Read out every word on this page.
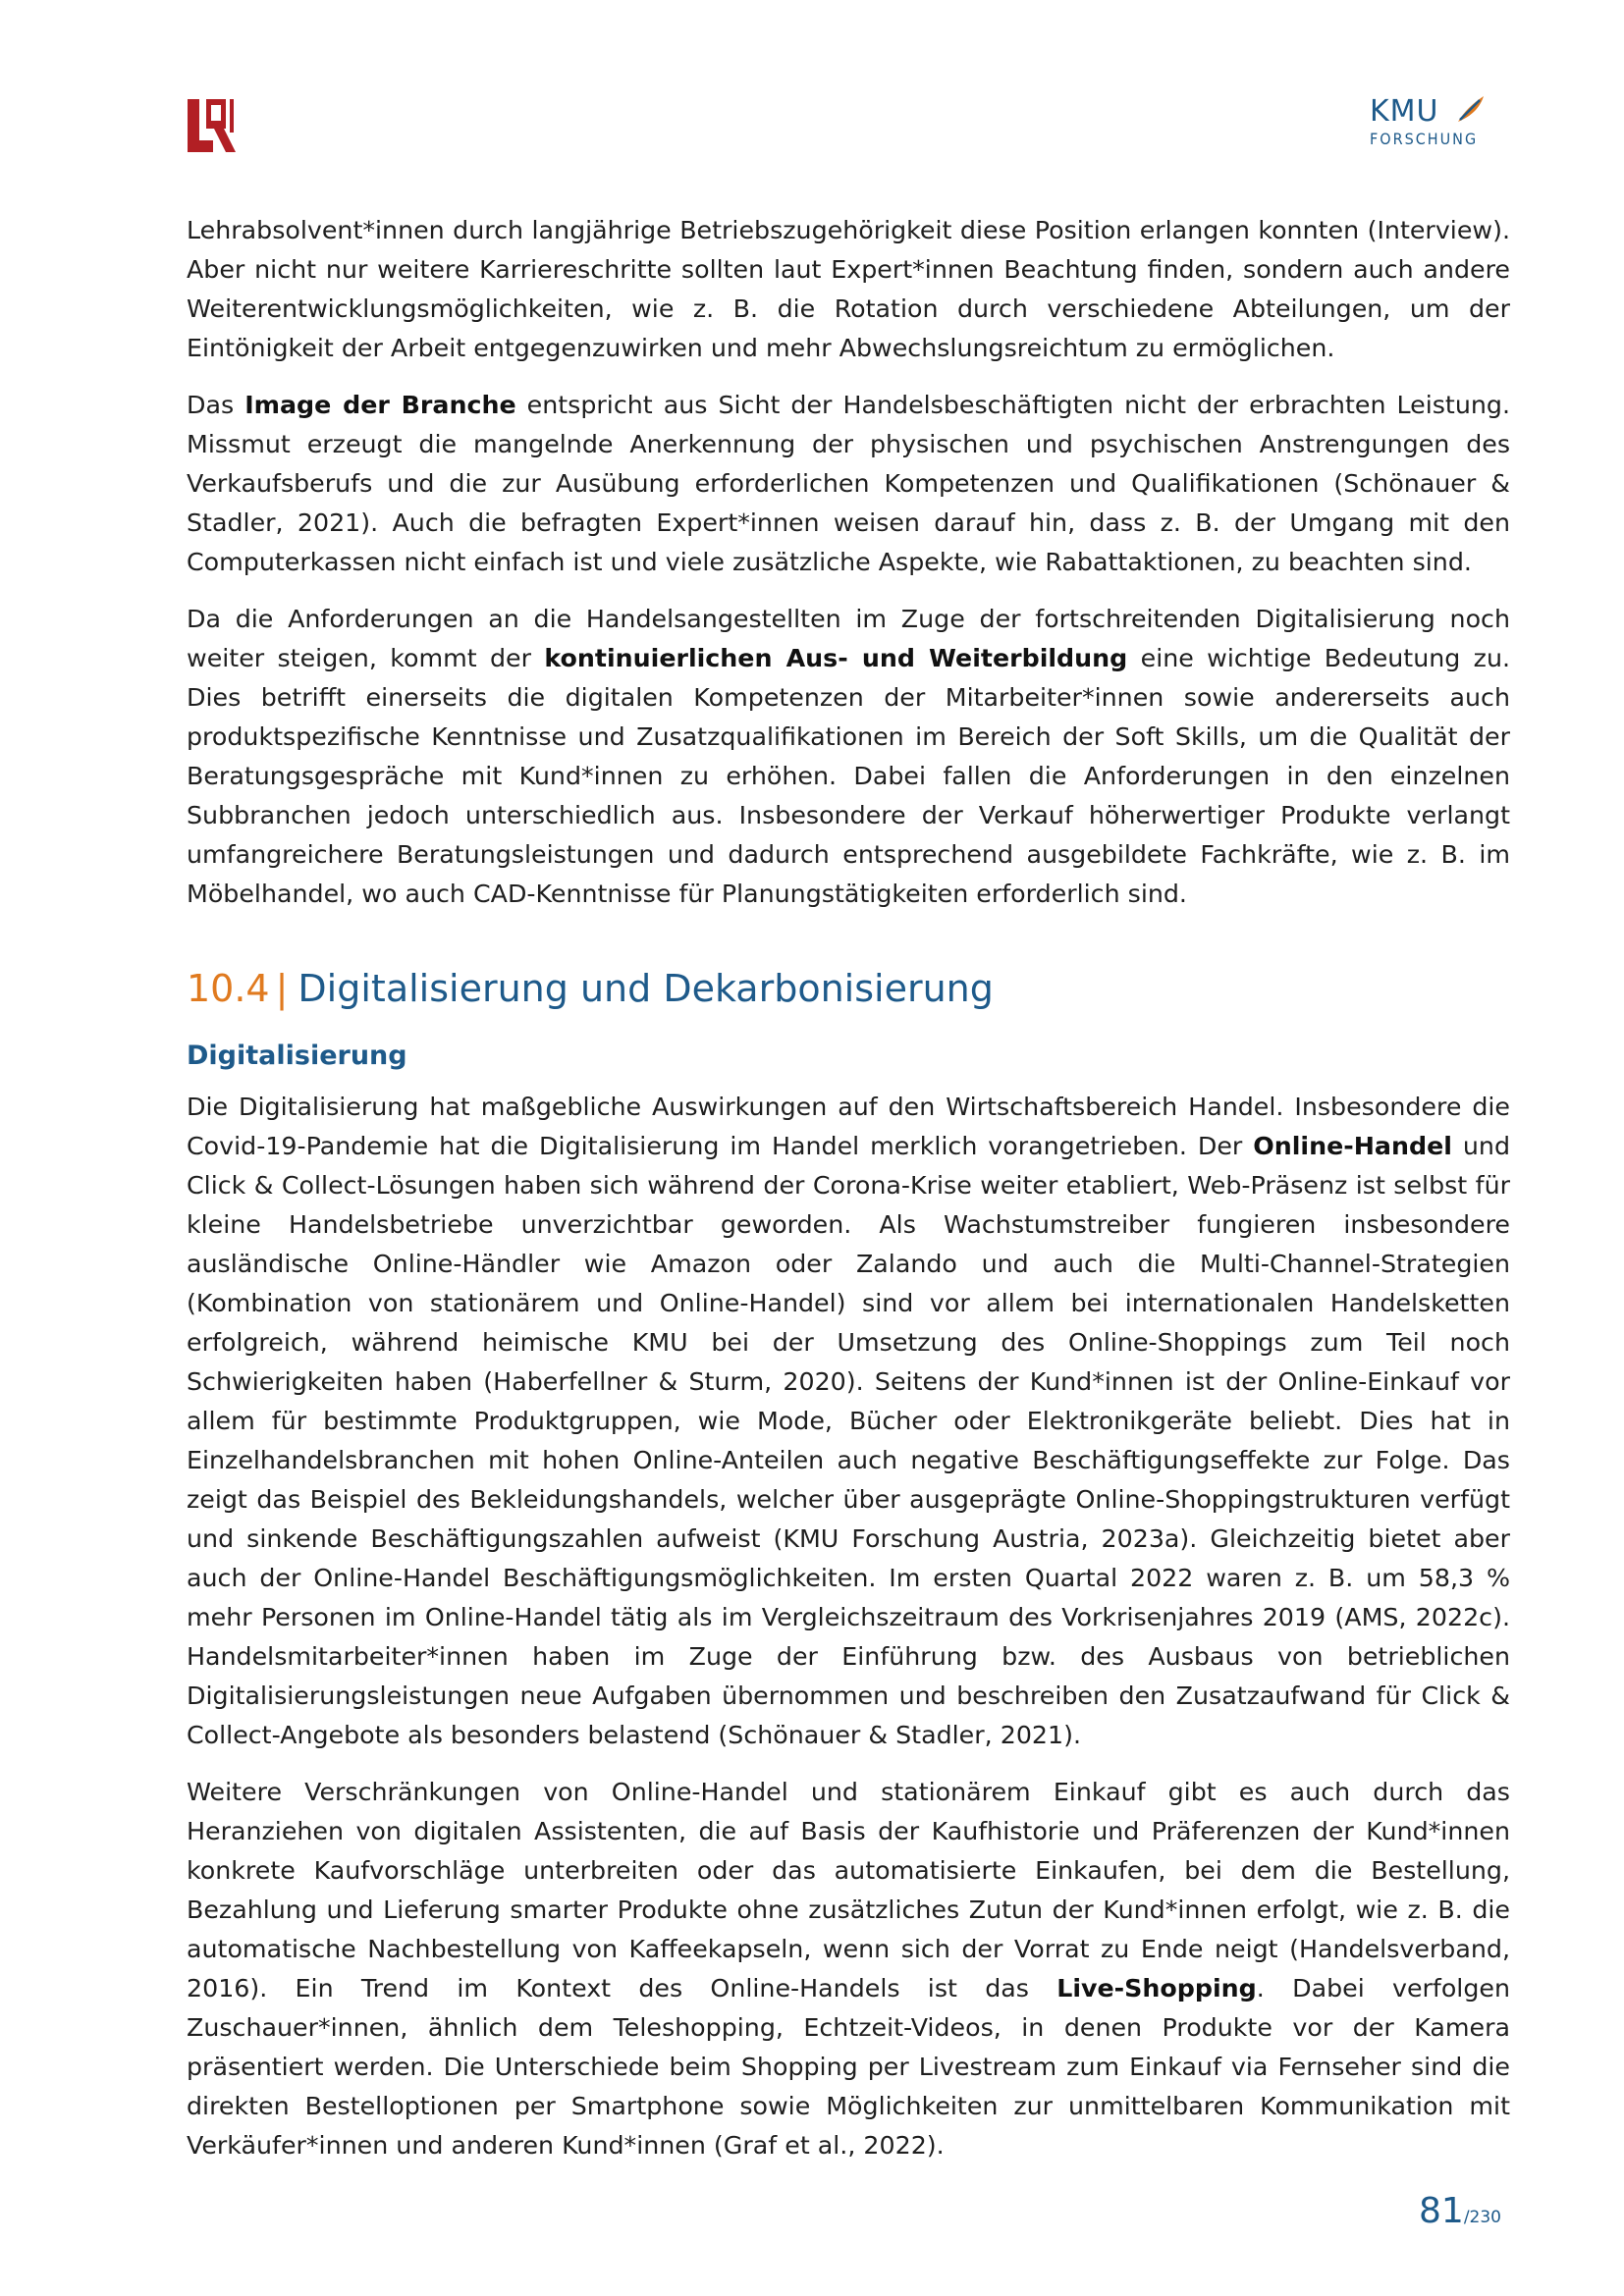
KMU
FORSCHUNG

Lehrabsolvent*innen durch langjährige Betriebszugehörigkeit diese Position erlangen konnten (Interview). Aber nicht nur weitere Karriereschritte sollten laut Expert*innen Beachtung finden, sondern auch andere Weiterentwicklungsmöglichkeiten, wie z. B. die Rotation durch verschiedene Abteilungen, um der Eintönigkeit der Arbeit entgegenzuwirken und mehr Abwechslungsreichtum zu ermöglichen.

Das Image der Branche entspricht aus Sicht der Handelsbeschäftigten nicht der erbrachten Leistung. Missmut erzeugt die mangelnde Anerkennung der physischen und psychischen Anstrengungen des Verkaufsberufs und die zur Ausübung erforderlichen Kompetenzen und Qualifikationen (Schönauer & Stadler, 2021). Auch die befragten Expert*innen weisen darauf hin, dass z. B. der Umgang mit den Computerkassen nicht einfach ist und viele zusätzliche Aspekte, wie Rabattaktionen, zu beachten sind.

Da die Anforderungen an die Handelsangestellten im Zuge der fortschreitenden Digitalisierung noch weiter steigen, kommt der kontinuierlichen Aus- und Weiterbildung eine wichtige Bedeutung zu. Dies betrifft einerseits die digitalen Kompetenzen der Mitarbeiter*innen sowie andererseits auch produktspezifische Kenntnisse und Zusatzqualifikationen im Bereich der Soft Skills, um die Qualität der Beratungsgespräche mit Kund*innen zu erhöhen. Dabei fallen die Anforderungen in den einzelnen Subbranchen jedoch unterschiedlich aus. Insbesondere der Verkauf höherwertiger Produkte verlangt umfangreichere Beratungsleistungen und dadurch entsprechend ausgebildete Fachkräfte, wie z. B. im Möbelhandel, wo auch CAD-Kenntnisse für Planungstätigkeiten erforderlich sind.

10.4 | Digitalisierung und Dekarbonisierung
Digitalisierung

Die Digitalisierung hat maßgebliche Auswirkungen auf den Wirtschaftsbereich Handel. Insbesondere die Covid-19-Pandemie hat die Digitalisierung im Handel merklich vorangetrieben. Der Online-Handel und Click & Collect-Lösungen haben sich während der Corona-Krise weiter etabliert, Web-Präsenz ist selbst für kleine Handelsbetriebe unverzichtbar geworden. Als Wachstumstreiber fungieren insbesondere ausländische Online-Händler wie Amazon oder Zalando und auch die Multi-Channel-Strategien (Kombination von stationärem und Online-Handel) sind vor allem bei internationalen Handelsketten erfolgreich, während heimische KMU bei der Umsetzung des Online-Shoppings zum Teil noch Schwierigkeiten haben (Haberfellner & Sturm, 2020). Seitens der Kund*innen ist der Online-Einkauf vor allem für bestimmte Produktgruppen, wie Mode, Bücher oder Elektronikgeräte beliebt. Dies hat in Einzelhandelsbranchen mit hohen Online-Anteilen auch negative Beschäftigungseffekte zur Folge. Das zeigt das Beispiel des Bekleidungshandels, welcher über ausgeprägte Online-Shoppingstrukturen verfügt und sinkende Beschäftigungszahlen aufweist (KMU Forschung Austria, 2023a). Gleichzeitig bietet aber auch der Online-Handel Beschäftigungsmöglichkeiten. Im ersten Quartal 2022 waren z. B. um 58,3 % mehr Personen im Online-Handel tätig als im Vergleichszeitraum des Vorkrisenjahres 2019 (AMS, 2022c). Handelsmitarbeiter*innen haben im Zuge der Einführung bzw. des Ausbaus von betrieblichen Digitalisierungsleistungen neue Aufgaben übernommen und beschreiben den Zusatzaufwand für Click & Collect-Angebote als besonders belastend (Schönauer & Stadler, 2021).

Weitere Verschränkungen von Online-Handel und stationärem Einkauf gibt es auch durch das Heranziehen von digitalen Assistenten, die auf Basis der Kaufhistorie und Präferenzen der Kund*innen konkrete Kaufvorschläge unterbreiten oder das automatisierte Einkaufen, bei dem die Bestellung, Bezahlung und Lieferung smarter Produkte ohne zusätzliches Zutun der Kund*innen erfolgt, wie z. B. die automatische Nachbestellung von Kaffeekapseln, wenn sich der Vorrat zu Ende neigt (Handelsverband, 2016). Ein Trend im Kontext des Online-Handels ist das Live-Shopping. Dabei verfolgen Zuschauer*innen, ähnlich dem Teleshopping, Echtzeit-Videos, in denen Produkte vor der Kamera präsentiert werden. Die Unterschiede beim Shopping per Livestream zum Einkauf via Fernseher sind die direkten Bestelloptionen per Smartphone sowie Möglichkeiten zur unmittelbaren Kommunikation mit Verkäufer*innen und anderen Kund*innen (Graf et al., 2022).

81/230
